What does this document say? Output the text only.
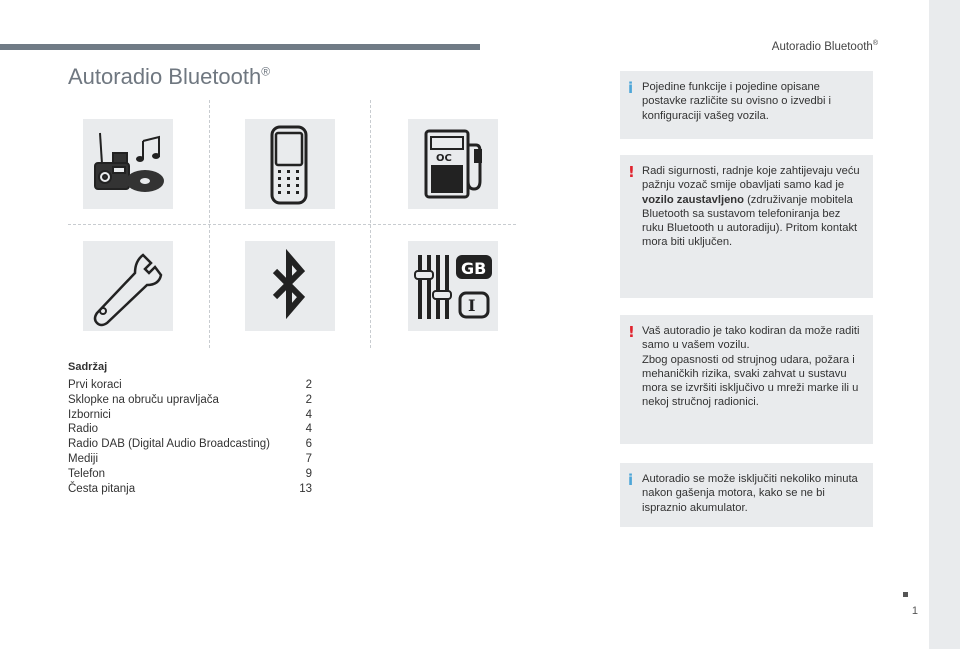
Autoradio Bluetooth®
Autoradio Bluetooth®
OC
GB
I
Sadržaj
Prvi koraci	2
Sklopke na obruču upravljača	2
Izbornici	4
Radio	4
Radio DAB (Digital Audio Broadcasting)	6
Mediji	7
Telefon	9
Česta pitanja	13
i Pojedine funkcije i pojedine opisane postavke različite su ovisno o izvedbi i konfiguraciji vašeg vozila.

! Radi sigurnosti, radnje koje zahtijevaju veću pažnju vozač smije obavljati samo kad je vozilo zaustavljeno (združivanje mobitela Bluetooth sa sustavom telefoniranja bez ruku Bluetooth u autoradiju). Pritom kontakt mora biti uključen.

! Vaš autoradio je tako kodiran da može raditi samo u vašem vozilu.

Zbog opasnosti od strujnog udara, požara i mehaničkih rizika, svaki zahvat u sustavu mora se izvršiti isključivo u mreži marke ili u nekoj stručnoj radionici.

i Autoradio se može isključiti nekoliko minuta nakon gašenja motora, kako se ne bi ispraznio akumulator.

1
